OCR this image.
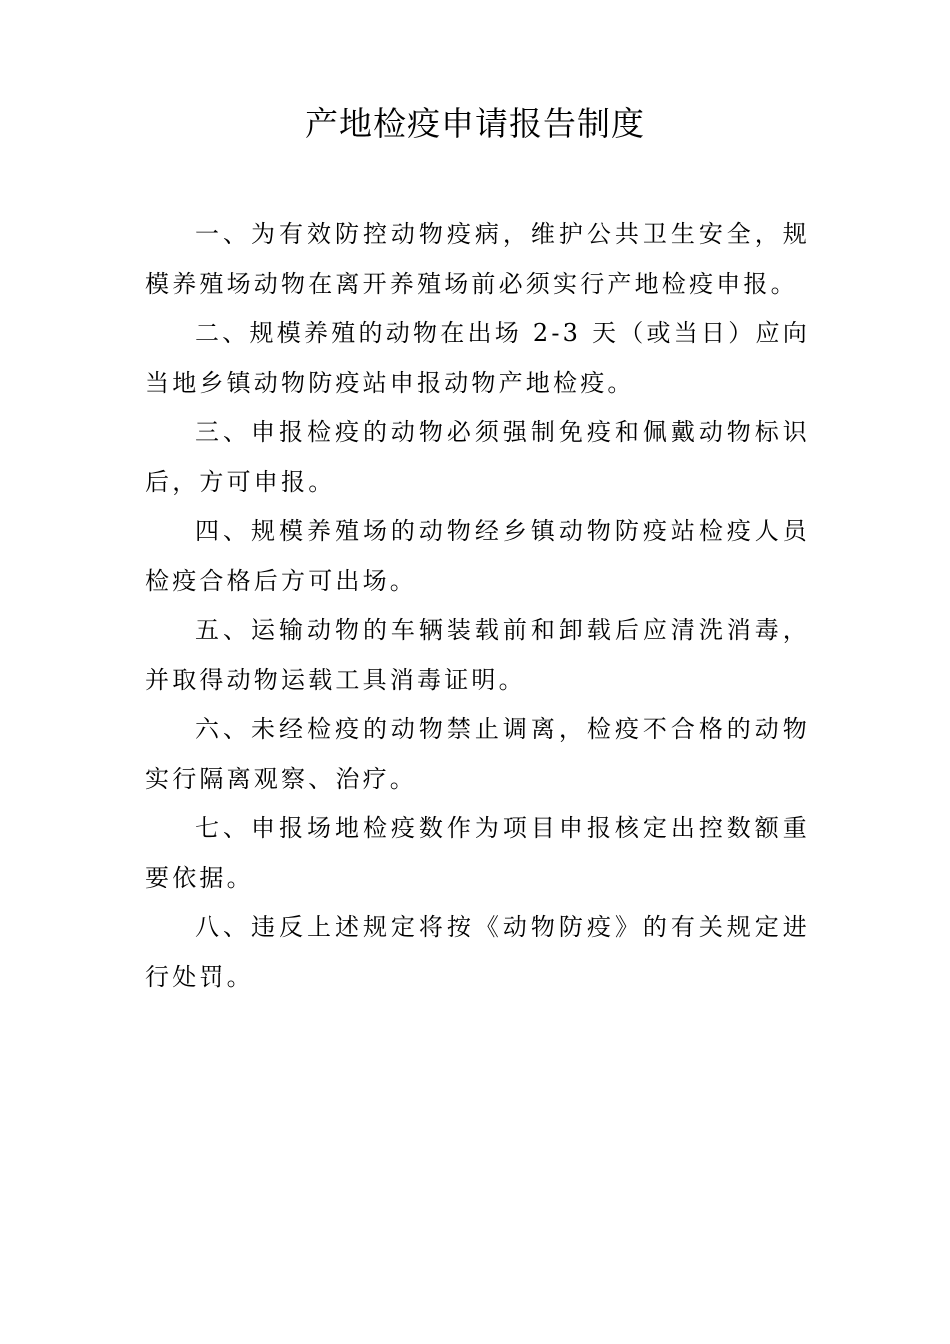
产地检疫申请报告制度

一、为有效防控动物疫病，维护公共卫生安全，规模养殖场动物在离开养殖场前必须实行产地检疫申报。

二、规模养殖的动物在出场 2-3 天（或当日）应向当地乡镇动物防疫站申报动物产地检疫。

三、申报检疫的动物必须强制免疫和佩戴动物标识后，方可申报。

四、规模养殖场的动物经乡镇动物防疫站检疫人员检疫合格后方可出场。

五、运输动物的车辆装载前和卸载后应清洗消毒，并取得动物运载工具消毒证明。

六、未经检疫的动物禁止调离，检疫不合格的动物实行隔离观察、治疗。

七、申报场地检疫数作为项目申报核定出控数额重要依据。

八、违反上述规定将按《动物防疫》的有关规定进行处罚。
